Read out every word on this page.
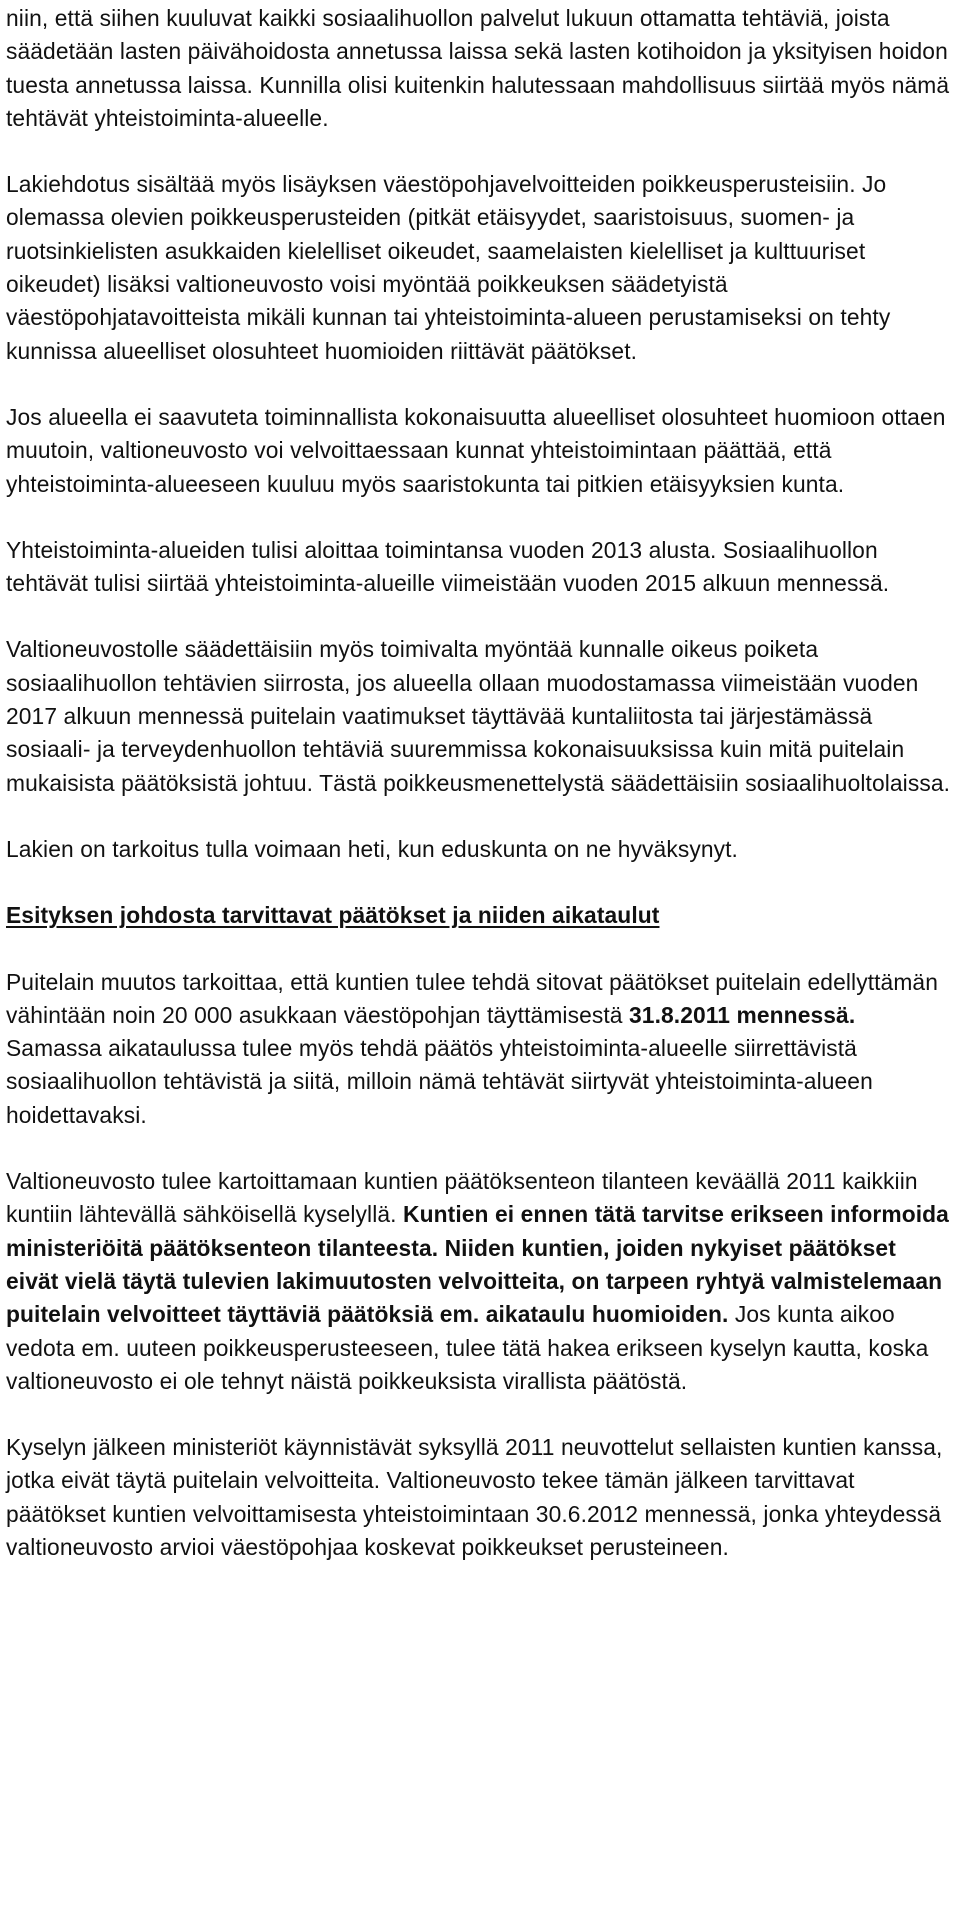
niin, että siihen kuuluvat kaikki sosiaalihuollon palvelut lukuun ottamatta tehtäviä, joista säädetään lasten päivähoidosta annetussa laissa sekä lasten kotihoidon ja yksityisen hoidon tuesta annetussa laissa. Kunnilla olisi kuitenkin halutessaan mahdollisuus siirtää myös nämä tehtävät yhteistoiminta-alueelle.

Lakiehdotus sisältää myös lisäyksen väestöpohjavelvoitteiden poikkeusperusteisiin. Jo olemassa olevien poikkeusperusteiden (pitkät etäisyydet, saaristoisuus, suomen- ja ruotsinkielisten asukkaiden kielelliset oikeudet, saamelaisten kielelliset ja kulttuuriset oikeudet) lisäksi valtioneuvosto voisi myöntää poikkeuksen säädetyistä väestöpohjatavoitteista mikäli kunnan tai yhteistoiminta-alueen perustamiseksi on tehty kunnissa alueelliset olosuhteet huomioiden riittävät päätökset.

Jos alueella ei saavuteta toiminnallista kokonaisuutta alueelliset olosuhteet huomioon ottaen muutoin, valtioneuvosto voi velvoittaessaan kunnat yhteistoimintaan päättää, että yhteistoiminta-alueeseen kuuluu myös saaristokunta tai pitkien etäisyyksien kunta.

Yhteistoiminta-alueiden tulisi aloittaa toimintansa vuoden 2013 alusta. Sosiaalihuollon tehtävät tulisi siirtää yhteistoiminta-alueille viimeistään vuoden 2015 alkuun mennessä.

Valtioneuvostolle säädettäisiin myös toimivalta myöntää kunnalle oikeus poiketa sosiaalihuollon tehtävien siirrosta, jos alueella ollaan muodostamassa viimeistään vuoden 2017 alkuun mennessä puitelain vaatimukset täyttävää kuntaliitosta tai järjestämässä sosiaali- ja terveydenhuollon tehtäviä suuremmissa kokonaisuuksissa kuin mitä puitelain mukaisista päätöksistä johtuu. Tästä poikkeusmenettelystä säädettäisiin sosiaalihuoltolaissa.

Lakien on tarkoitus tulla voimaan heti, kun eduskunta on ne hyväksynyt.

Esityksen johdosta tarvittavat päätökset ja niiden aikataulut

Puitelain muutos tarkoittaa, että kuntien tulee tehdä sitovat päätökset puitelain edellyttämän vähintään noin 20 000 asukkaan väestöpohjan täyttämisestä 31.8.2011 mennessä. Samassa aikataulussa tulee myös tehdä päätös yhteistoiminta-alueelle siirrettävistä sosiaalihuollon tehtävistä ja siitä, milloin nämä tehtävät siirtyvät yhteistoiminta-alueen hoidettavaksi.

Valtioneuvosto tulee kartoittamaan kuntien päätöksenteon tilanteen keväällä 2011 kaikkiin kuntiin lähtevällä sähköisellä kyselyllä. Kuntien ei ennen tätä tarvitse erikseen informoida ministeriöitä päätöksenteon tilanteesta. Niiden kuntien, joiden nykyiset päätökset eivät vielä täytä tulevien lakimuutosten velvoitteita, on tarpeen ryhtyä valmistelemaan puitelain velvoitteet täyttäviä päätöksiä em. aikataulu huomioiden. Jos kunta aikoo vedota em. uuteen poikkeusperusteeseen, tulee tätä hakea erikseen kyselyn kautta, koska valtioneuvosto ei ole tehnyt näistä poikkeuksista virallista päätöstä.

Kyselyn jälkeen ministeriöt käynnistävät syksyllä 2011 neuvottelut sellaisten kuntien kanssa, jotka eivät täytä puitelain velvoitteita. Valtioneuvosto tekee tämän jälkeen tarvittavat päätökset kuntien velvoittamisesta yhteistoimintaan 30.6.2012 mennessä, jonka yhteydessä valtioneuvosto arvioi väestöpohjaa koskevat poikkeukset perusteineen.
